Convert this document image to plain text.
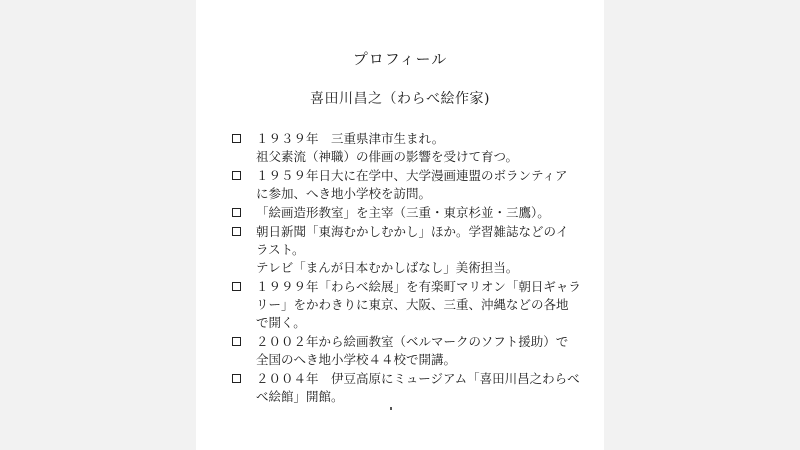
プロフィール
喜田川昌之（わらべ絵作家)
１９３９年　三重県津市生まれ。
祖父素流（神職）の俳画の影響を受けて育つ。
１９５９年日大に在学中、大学漫画連盟のボランティア
に参加、へき地小学校を訪問。
「絵画造形教室」を主宰（三重・東京杉並・三鷹）。
朝日新聞「東海むかしむかし」ほか。学習雑誌などのイ
ラスト。
テレビ「まんが日本むかしばなし」美術担当。
１９９９年「わらべ絵展」を有楽町マリオン「朝日ギャラ
リー」をかわきりに東京、大阪、三重、沖縄などの各地
で開く。
２００２年から絵画教室（ベルマークのソフト援助）で
全国のへき地小学校４４校で開講。
２００４年　伊豆高原にミュージアム「喜田川昌之わらべ
べ絵館」開館。
